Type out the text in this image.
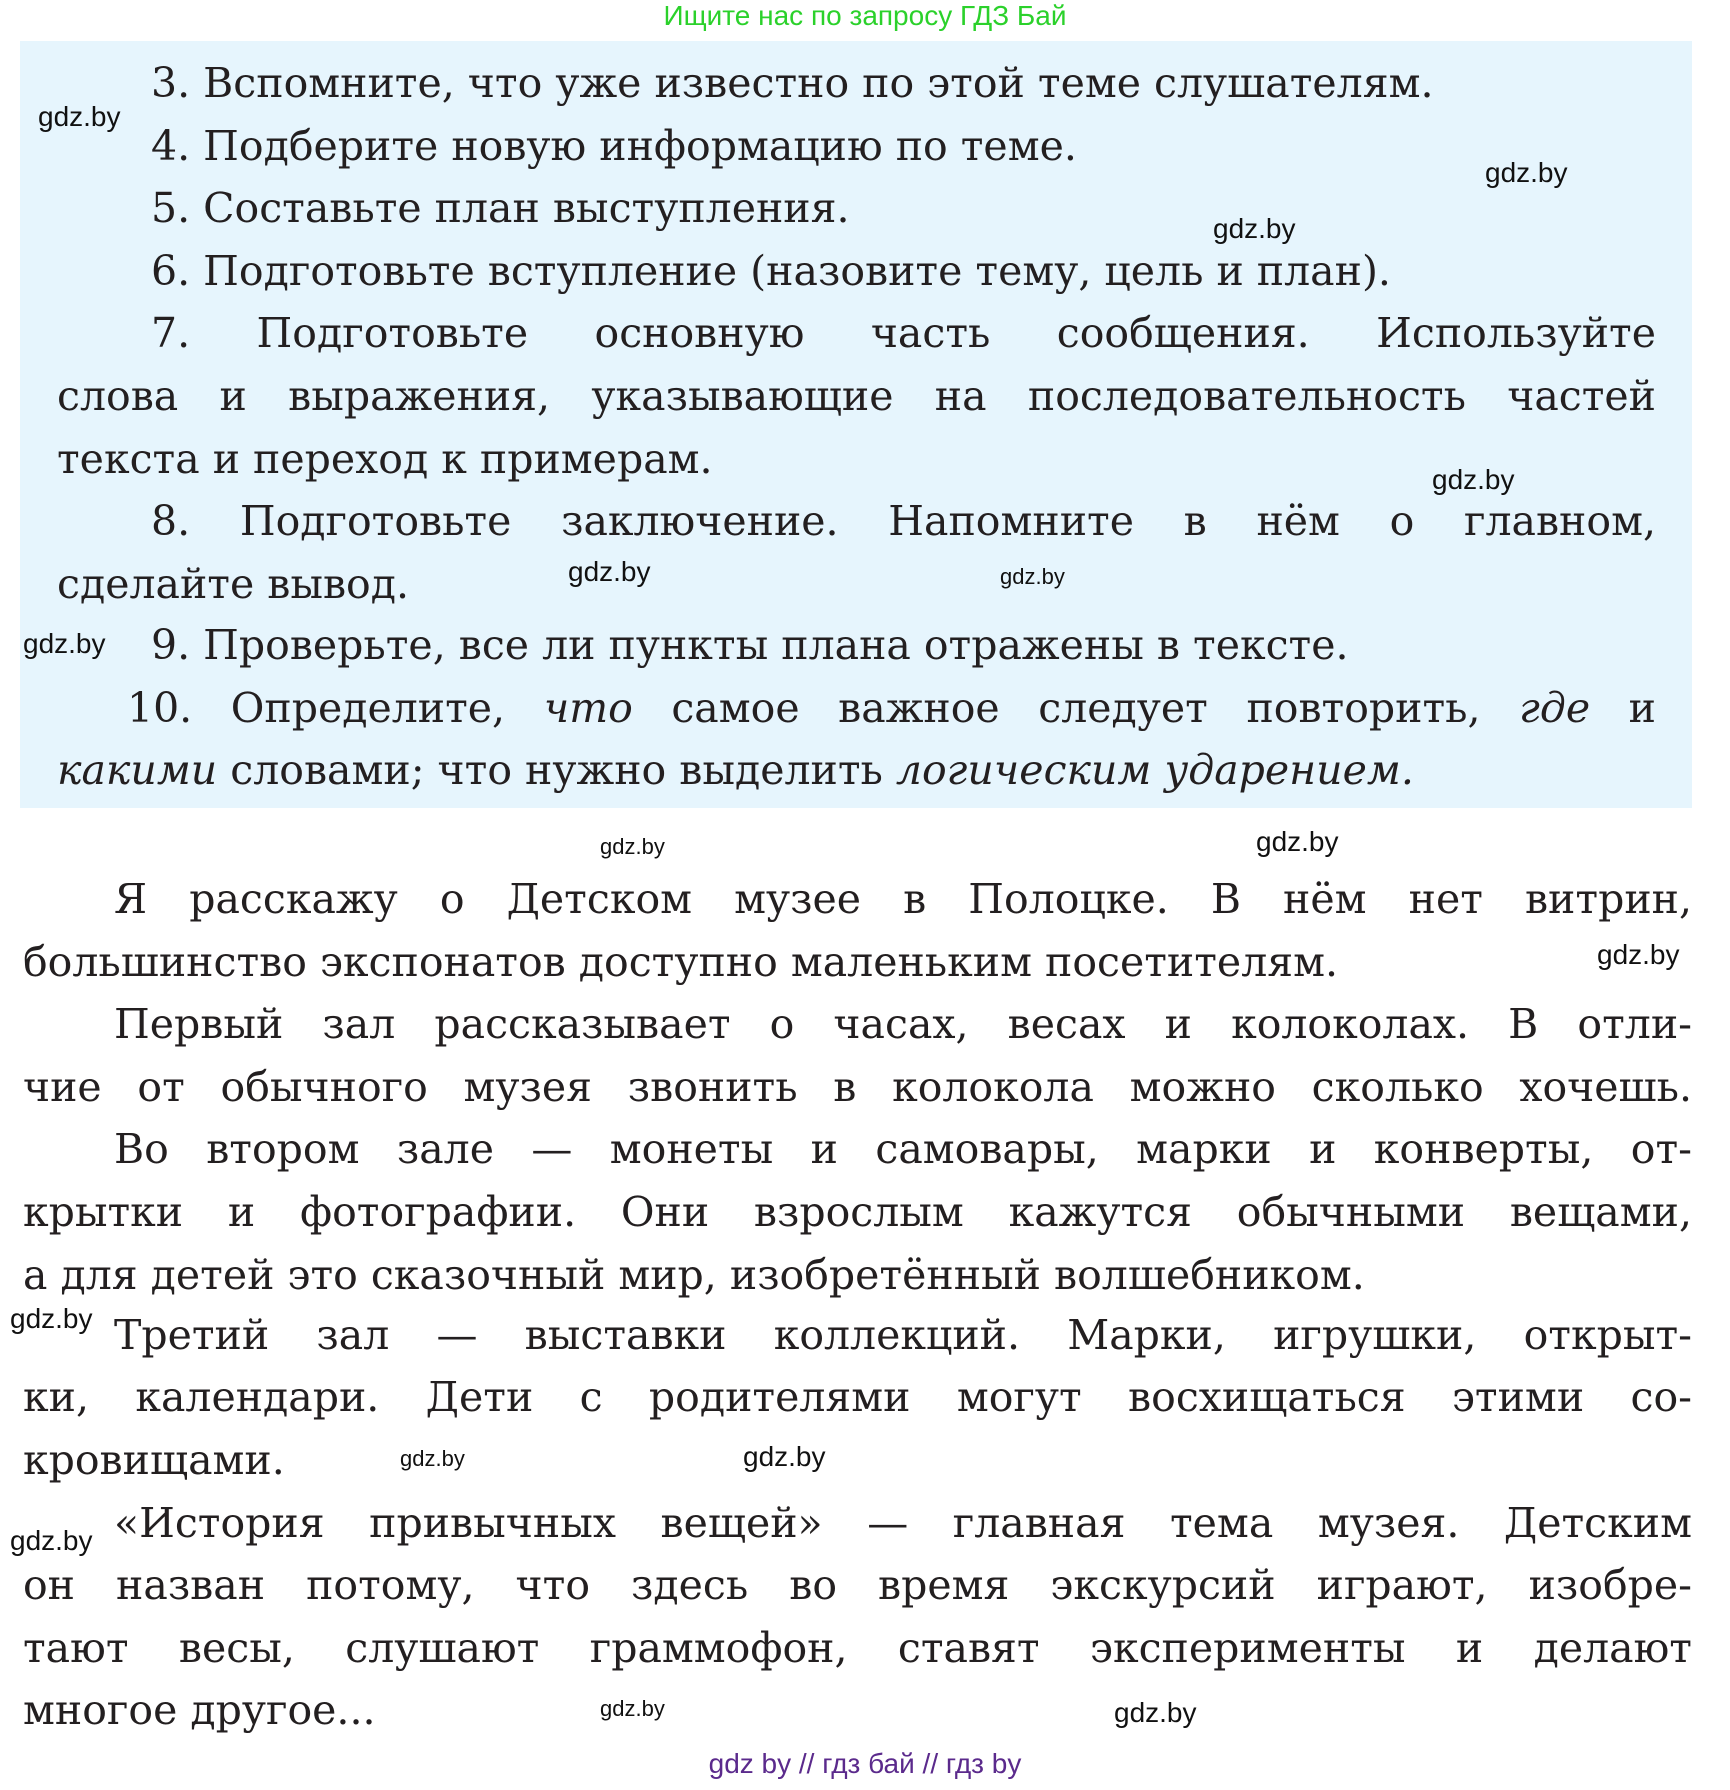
Ищите нас по запросу ГДЗ Бай
3. Вспомните, что уже известно по этой теме слушателям.
4. Подберите новую информацию по теме.
5. Составьте план выступления.
6. Подготовьте вступление (назовите тему, цель и план).
7. Подготовьте основную часть сообщения. Используйте
слова и выражения, указывающие на последовательность частей
текста и переход к примерам.
8. Подготовьте заключение. Напомните в нём о главном,
сделайте вывод.
9. Проверьте, все ли пункты плана отражены в тексте.
10. Определите, что самое важное следует повторить, где и
какими словами; что нужно выделить логическим ударением.
Я расскажу о Детском музее в Полоцке. В нём нет витрин,
большинство экспонатов доступно маленьким посетителям.
Первый зал рассказывает о часах, весах и колоколах. В отли-
чие от обычного музея звонить в колокола можно сколько хочешь.
Во втором зале — монеты и самовары, марки и конверты, от-
крытки и фотографии. Они взрослым кажутся обычными вещами,
а для детей это сказочный мир, изобретённый волшебником.
Третий зал — выставки коллекций. Марки, игрушки, открыт-
ки, календари. Дети с родителями могут восхищаться этими со-
кровищами.
«История привычных вещей» — главная тема музея. Детским
он назван потому, что здесь во время экскурсий играют, изобре-
тают весы, слушают граммофон, ставят эксперименты и делают
многое другое...
gdz.by
gdz.by
gdz.by
gdz.by
gdz.by
gdz.by
gdz.by
gdz.by
gdz.by
gdz.by
gdz.by
gdz.by
gdz.by
gdz.by
gdz.by
gdz.by
gdz by // гдз бай // гдз by
